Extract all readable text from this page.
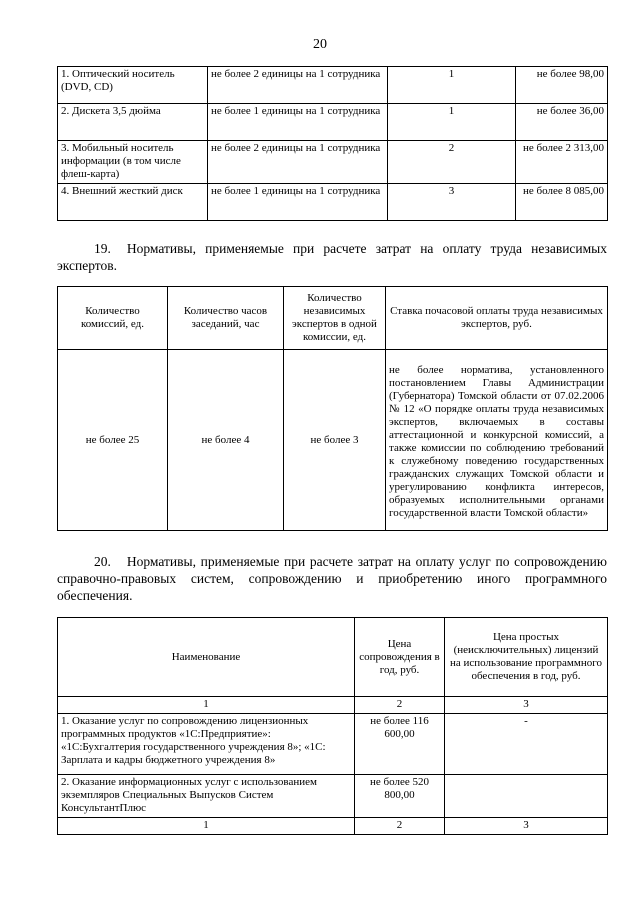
20
1. Оптический носитель (DVD, CD)	не более 2 единицы на 1 сотрудника	1	не более 98,00
2. Дискета 3,5 дюйма	не более 1 единицы на 1 сотрудника	1	не более 36,00
3. Мобильный носитель информации (в том числе флеш-карта)	не более 2 единицы на 1 сотрудника	2	не более 2 313,00
4. Внешний жесткий диск	не более 1 единицы на 1 сотрудника	3	не более 8 085,00
19. Нормативы, применяемые при расчете затрат на оплату труда независимых экспертов.
Количество комиссий, ед.	Количество часов заседаний, час	Количество независимых экспертов в одной комиссии, ед.	Ставка почасовой оплаты труда независимых экспертов, руб.
не более 25	не более 4	не более 3	не более норматива, установленного постановлением Главы Администрации (Губернатора) Томской области от 07.02.2006 № 12 «О порядке оплаты труда независимых экспертов, включаемых в составы аттестационной и конкурсной комиссий, а также комиссии по соблюдению требований к служебному поведению государственных гражданских служащих Томской области и урегулированию конфликта интересов, образуемых исполнительными органами государственной власти Томской области»
20. Нормативы, применяемые при расчете затрат на оплату услуг по сопровождению справочно-правовых систем, сопровождению и приобретению иного программного обеспечения.
Наименование	Цена сопровождения в год, руб.	Цена простых (неисключительных) лицензий на использование программного обеспечения в год, руб.
1	2	3
1. Оказание услуг по сопровождению лицензионных программных продуктов «1С:Предприятие»: «1С:Бухгалтерия государственного учреждения 8»; «1С: Зарплата и кадры бюджетного учреждения 8»	не более 116 600,00	-
2. Оказание информационных услуг с использованием экземпляров Специальных Выпусков Систем КонсультантПлюс	не более 520 800,00	
1	2	3
